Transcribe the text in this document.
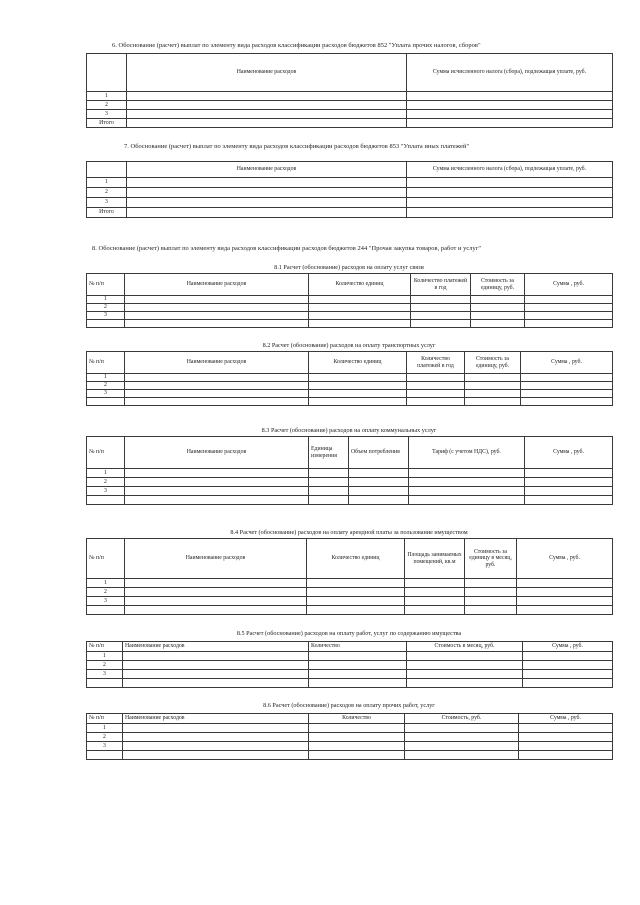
6. Обоснование (расчет) выплат по элементу вида расходов классификации расходов бюджетов 852 "Уплата прочих налогов, сборов"
	Наименование расходов	Сумма исчисленного налога (сбора), подлежащая уплате, руб.
1		
2		
3		
Итого		
7. Обоснование (расчет) выплат по элементу вида расходов классификации расходов бюджетов 853 "Уплата иных платежей"
	Наименование расходов	Сумма исчисленного налога (сбора), подлежащая уплате, руб.
1		
2		
3		
Итого		
8. Обоснование (расчет) выплат по элементу вида расходов классификации расходов бюджетов 244 "Прочая закупка товаров, работ и услуг"
8.1 Расчет (обоснование) расходов на оплату услуг связи
№ п/п	Наименование расходов	Количество единиц	Количество платежей в год	Стоимость за единицу, руб.	Сумма , руб.
1					
2					
3					

8.2 Расчет (обоснование) расходов на оплату транспортных услуг
№ п/п	Наименование расходов	Количество единиц	Количество платежей в год	Стоимость за единицу, руб.	Сумма , руб.
1					
2					
3					

8.3 Расчет (обоснование) расходов на оплату коммунальных услуг
№ п/п	Наименование расходов	Единица измерения	Объем потребления	Тариф (с учетом НДС), руб.	Сумма , руб.
1					
2					
3					

8.4 Расчет (обоснование) расходов на оплату арендной платы за пользование имуществом
№ п/п	Наименование расходов	Количество единиц	Площадь занимаемых помещений, кв.м	Стоимость за единицу в месяц, руб.	Сумма , руб.
1					
2					
3					

8.5 Расчет (обоснование) расходов на оплату работ, услуг по содержанию имущества
№ п/п	Наименование расходов	Количество	Стоимость в месяц, руб.	Сумма , руб.
1				
2				
3				

8.6 Расчет (обоснование) расходов на оплату прочих работ, услуг
№ п/п	Наименование расходов	Количество	Стоимость, руб.	Сумма , руб.
1				
2				
3				
